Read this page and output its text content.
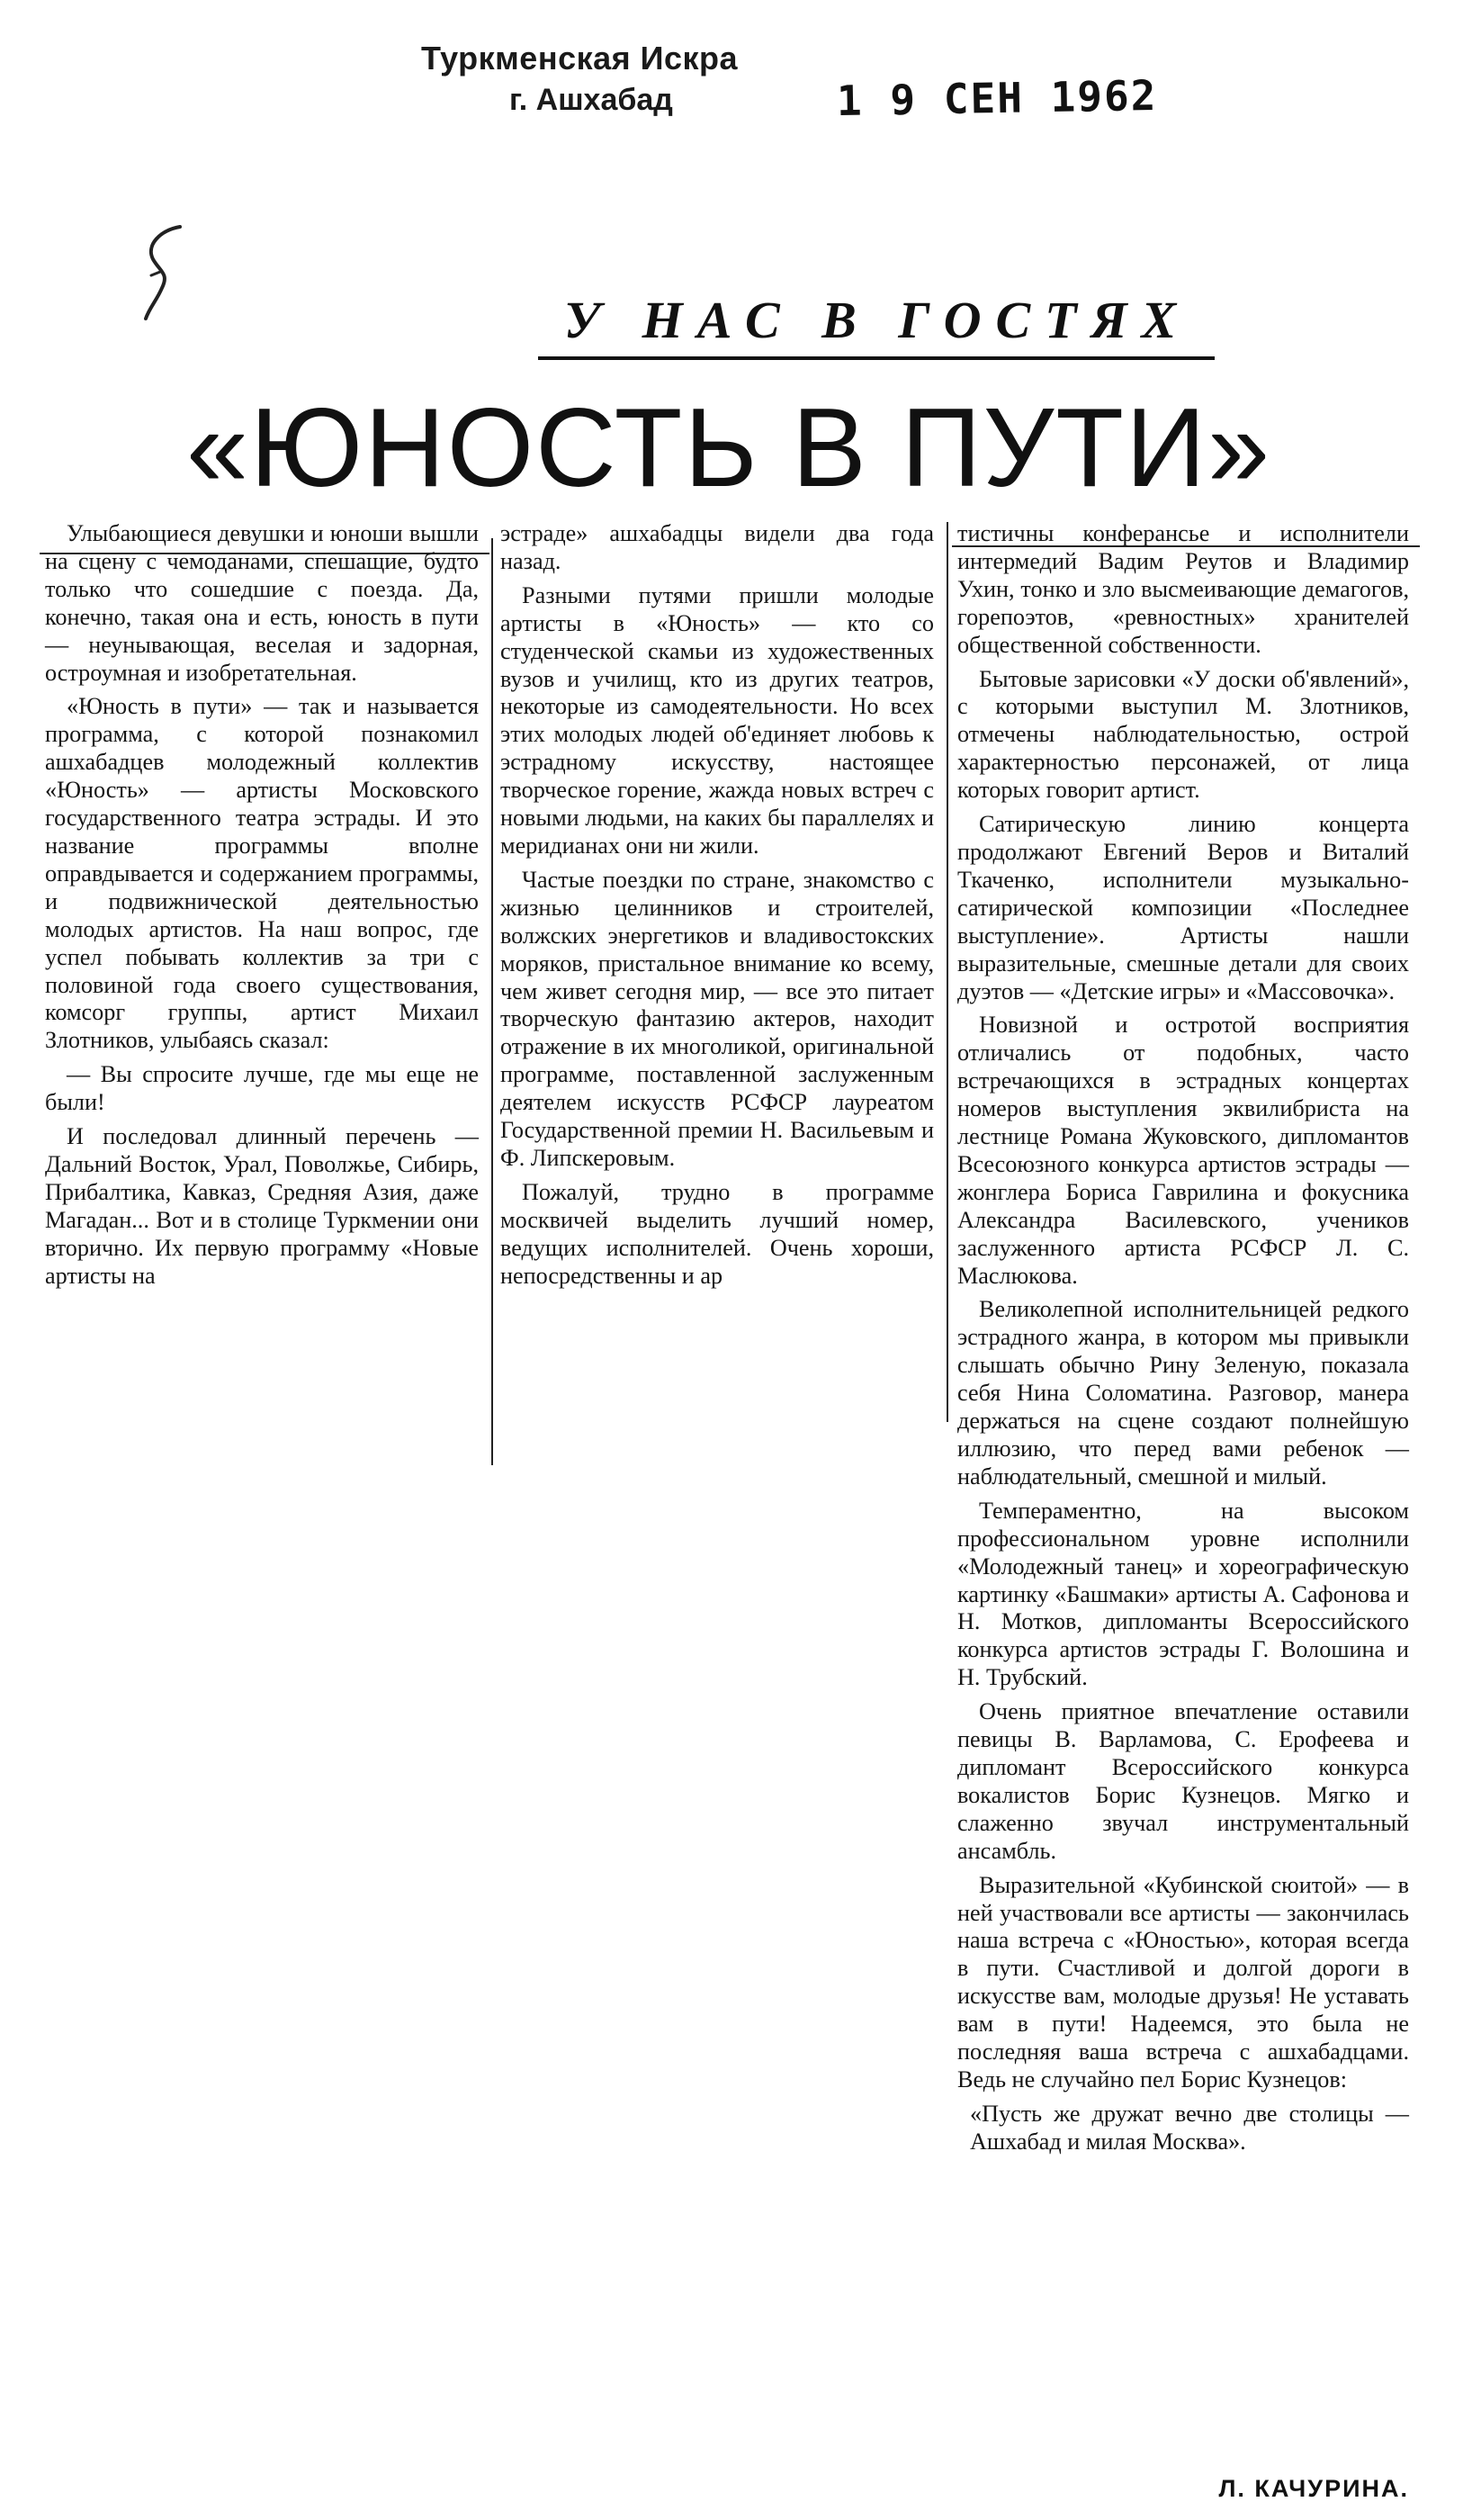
Туркменская Искра
г. Ашхабад	1 9 СЕН 1962
У НАС В ГОСТЯХ
«ЮНОСТЬ В ПУТИ»

Улыбающиеся девушки и юноши вышли на сцену с чемоданами, спешащие, будто только что сошедшие с поезда. Да, конечно, такая она и есть, юность в пути — неунывающая, веселая и задорная, остроумная и изобретательная.

«Юность в пути» — так и называется программа, с которой познакомил ашхабадцев молодежный коллектив «Юность» — артисты Московского государственного театра эстрады. И это название программы вполне оправдывается и содержанием программы, и подвижнической деятельностью молодых артистов. На наш вопрос, где успел побывать коллектив за три с половиной года своего существования, комсорг группы, артист Михаил Злотников, улыбаясь сказал:

— Вы спросите лучше, где мы еще не были!

И последовал длинный перечень — Дальний Восток, Урал, Поволжье, Сибирь, Прибалтика, Кавказ, Средняя Азия, даже Магадан... Вот и в столице Туркмении они вторично. Их первую программу «Новые артисты на

эстраде» ашхабадцы видели два года назад.

Разными путями пришли молодые артисты в «Юность» — кто со студенческой скамьи из художественных вузов и училищ, кто из других театров, некоторые из самодеятельности. Но всех этих молодых людей об'единяет любовь к эстрадному искусству, настоящее творческое горение, жажда новых встреч с новыми людьми, на каких бы параллелях и меридианах они ни жили.

Частые поездки по стране, знакомство с жизнью целинников и строителей, волжских энергетиков и владивостокских моряков, пристальное внимание ко всему, чем живет сегодня мир, — все это питает творческую фантазию актеров, находит отражение в их многоликой, оригинальной программе, поставленной заслуженным деятелем искусств РСФСР лауреатом Государственной премии Н. Васильевым и Ф. Липскеровым.

Пожалуй, трудно в программе москвичей выделить лучший номер, ведущих исполнителей. Очень хороши, непосредственны и ар

тистичны конферансье и исполнители интермедий Вадим Реутов и Владимир Ухин, тонко и зло высмеивающие демагогов, горепоэтов, «ревностных» хранителей общественной собственности.

Бытовые зарисовки «У доски об'явлений», с которыми выступил М. Злотников, отмечены наблюдательностью, острой характерностью персонажей, от лица которых говорит артист.

Сатирическую линию концерта продолжают Евгений Веров и Виталий Ткаченко, исполнители музыкально-сатирической композиции «Последнее выступление». Артисты нашли выразительные, смешные детали для своих дуэтов — «Детские игры» и «Массовочка».

Новизной и остротой восприятия отличались от подобных, часто встречающихся в эстрадных концертах номеров выступления эквилибриста на лестнице Романа Жуковского, дипломантов Всесоюзного конкурса артистов эстрады — жонглера Бориса Гаврилина и фокусника Александра Василевского, учеников заслуженного артиста РСФСР Л. С. Маслюкова.

Великолепной исполнительницей редкого эстрадного жанра, в котором мы привыкли слышать обычно Рину Зеленую, показала себя Нина Соломатина. Разговор, манера держаться на сцене создают полнейшую иллюзию, что перед вами ребенок — наблюдательный, смешной и милый.

Темпераментно, на высоком профессиональном уровне исполнили «Молодежный танец» и хореографическую картинку «Башмаки» артисты А. Сафонова и Н. Мотков, дипломанты Всероссийского конкурса артистов эстрады Г. Волошина и Н. Трубский.

Очень приятное впечатление оставили певицы В. Варламова, С. Ерофеева и дипломант Всероссийского конкурса вокалистов Борис Кузнецов. Мягко и слаженно звучал инструментальный ансамбль.

Выразительной «Кубинской сюитой» — в ней участвовали все артисты — закончилась наша встреча с «Юностью», которая всегда в пути. Счастливой и долгой дороги в искусстве вам, молодые друзья! Не уставать вам в пути! Надеемся, это была не последняя ваша встреча с ашхабадцами. Ведь не случайно пел Борис Кузнецов:

«Пусть же дружат вечно две столицы — Ашхабад и милая Москва».

Л. КАЧУРИНА.
